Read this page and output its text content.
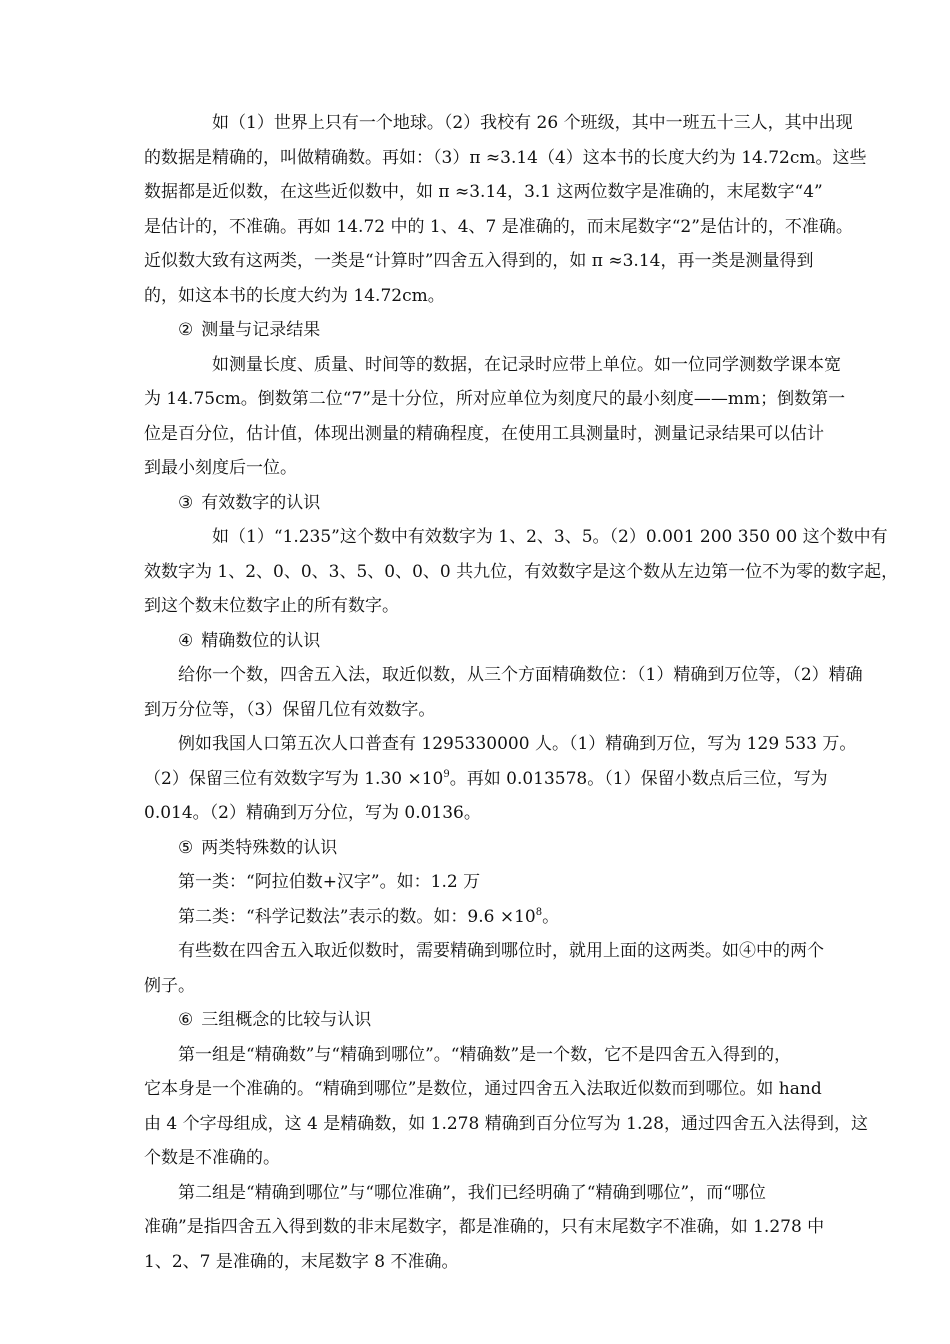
如（1）世界上只有一个地球。（2）我校有 26 个班级，其中一班五十三人，其中出现
的数据是精确的，叫做精确数。再如：（3）π ≈3.14（4）这本书的长度大约为 14.72cm。这些
数据都是近似数，在这些近似数中，如 π ≈3.14，3.1 这两位数字是准确的，末尾数字“4”
是估计的，不准确。再如 14.72 中的 1、4、7 是准确的，而末尾数字“2”是估计的，不准确。
近似数大致有这两类，一类是“计算时”四舍五入得到的，如 π ≈3.14，再一类是测量得到
的，如这本书的长度大约为 14.72cm。
② 测量与记录结果
如测量长度、质量、时间等的数据，在记录时应带上单位。如一位同学测数学课本宽
为 14.75cm。倒数第二位“7”是十分位，所对应单位为刻度尺的最小刻度——mm；倒数第一
位是百分位，估计值，体现出测量的精确程度，在使用工具测量时，测量记录结果可以估计
到最小刻度后一位。
③ 有效数字的认识
如（1）“1.235”这个数中有效数字为 1、2、3、5。（2）0.001 200 350 00 这个数中有
效数字为 1、2、0、0、3、5、0、0、0 共九位，有效数字是这个数从左边第一位不为零的数字起，
到这个数末位数字止的所有数字。
④ 精确数位的认识
给你一个数，四舍五入法，取近似数，从三个方面精确数位：（1）精确到万位等，（2）精确
到万分位等，（3）保留几位有效数字。
例如我国人口第五次人口普查有 1295330000 人。（1）精确到万位，写为 129 533 万。
（2）保留三位有效数字写为 $1.30 \times 10^9$。再如 0.013578。（1）保留小数点后三位，写为
0.014。（2）精确到万分位，写为 0.0136。
⑤ 两类特殊数的认识
第一类：“阿拉伯数+汉字”。如：1.2 万
第二类：“科学记数法”表示的数。如：$9.6 \times 10^8$。
有些数在四舍五入取近似数时，需要精确到哪位时，就用上面的这两类。如④中的两个
例子。
⑥ 三组概念的比较与认识
第一组是“精确数”与“精确到哪位”。“精确数”是一个数，它不是四舍五入得到的，
它本身是一个准确的。“精确到哪位”是数位，通过四舍五入法取近似数而到哪位。如 hand
由 4 个字母组成，这 4 是精确数，如 1.278 精确到百分位写为 1.28，通过四舍五入法得到，这
个数是不准确的。
第二组是“精确到哪位”与“哪位准确”，我们已经明确了“精确到哪位”，而“哪位
准确”是指四舍五入得到数的非末尾数字，都是准确的，只有末尾数字不准确，如 1.278 中
1、2、7 是准确的，末尾数字 8 不准确。
